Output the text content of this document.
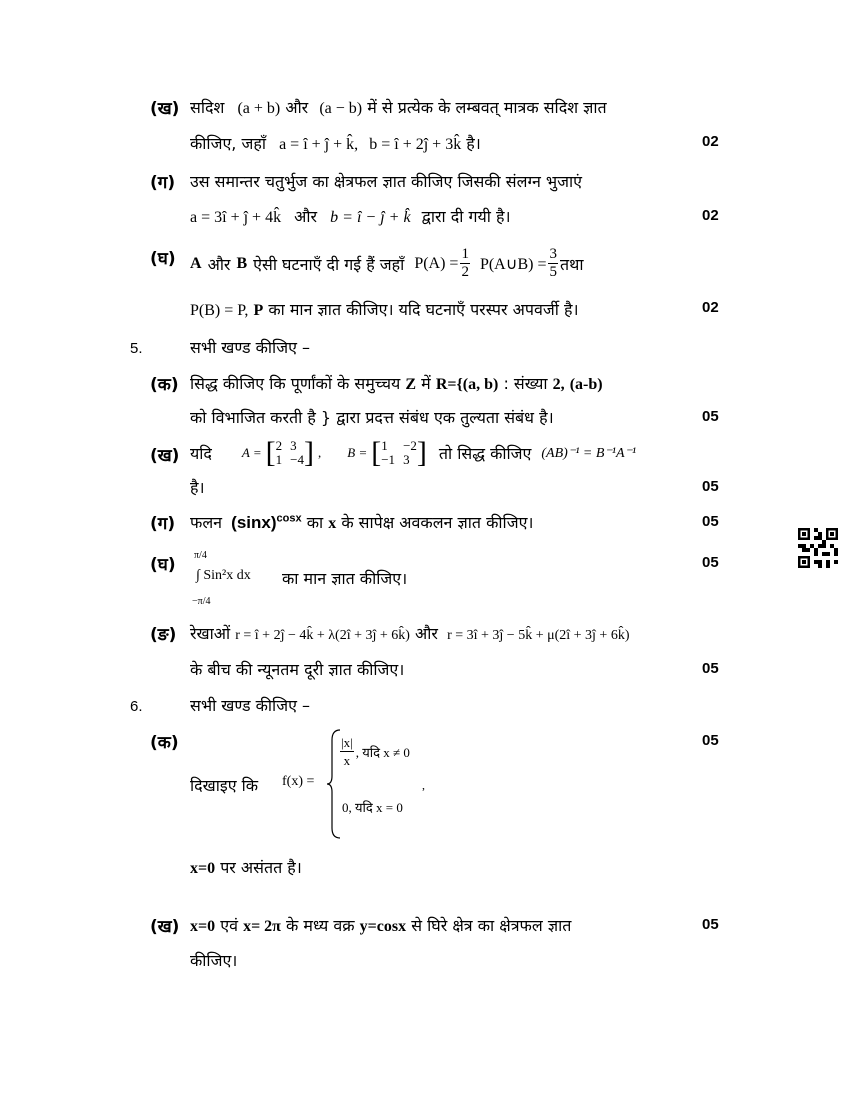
(ख) सदिश (a + b) और (a − b) में से प्रत्येक के लम्बवत् मात्रक सदिश ज्ञात
कीजिए, जहाँ a = î + ĵ + k̂, b = î + 2ĵ + 3k̂ है।	02
(ग) उस समान्तर चतुर्भुज का क्षेत्रफल ज्ञात कीजिए जिसकी संलग्न भुजाएं
a = 3î + ĵ + 4k̂ और b = î − ĵ + k̂ द्वारा दी गयी है।	02
(घ) A और B ऐसी घटनाएँ दी गई हैं जहाँ $P(A) = \frac{1}{2}$ P(A∪B) = $\frac{3}{5}$ तथा
P(B) = P, P का मान ज्ञात कीजिए। यदि घटनाएँ परस्पर अपवर्जी है।	02
5.	सभी खण्ड कीजिए –
(क) सिद्ध कीजिए कि पूर्णांकों के समुच्चय Z में R={(a, b) : संख्या 2, (a-b)
को विभाजित करती है } द्वारा प्रदत्त संबंध एक तुल्यता संबंध है।	05
(ख) यदि A = [ 2 3
1 −4 ] , B = [ 1	−2
−1 3 ] तो सिद्ध कीजिए (AB)⁻¹ = B⁻¹A⁻¹
है।	05
(ग) फलन $(\sin x)^{cosx}$ का x के सापेक्ष अवकलन ज्ञात कीजिए।	05
(घ) π/4
−π/4
∫ Sin²x dx का मान ज्ञात कीजिए।
05
(ङ) रेखाओं r = î + 2ĵ − 4k̂ + λ(2î + 3ĵ + 6k̂) और r = 3î + 3ĵ − 5k̂ + μ(2î + 3ĵ + 6k̂)
के बीच की न्यूनतम दूरी ज्ञात कीजिए।	05
6.	सभी खण्ड कीजिए –
(क)	05
दिखाइए कि f(x) =
$\frac{|x|}{x}$ , यदि x ≠ 0
,
0, यदि x = 0
x=0 पर असंतत है।
(ख) x=0 एवं x= 2π के मध्य वक्र y=cosx से घिरे क्षेत्र का क्षेत्रफल ज्ञात
कीजिए।
05
